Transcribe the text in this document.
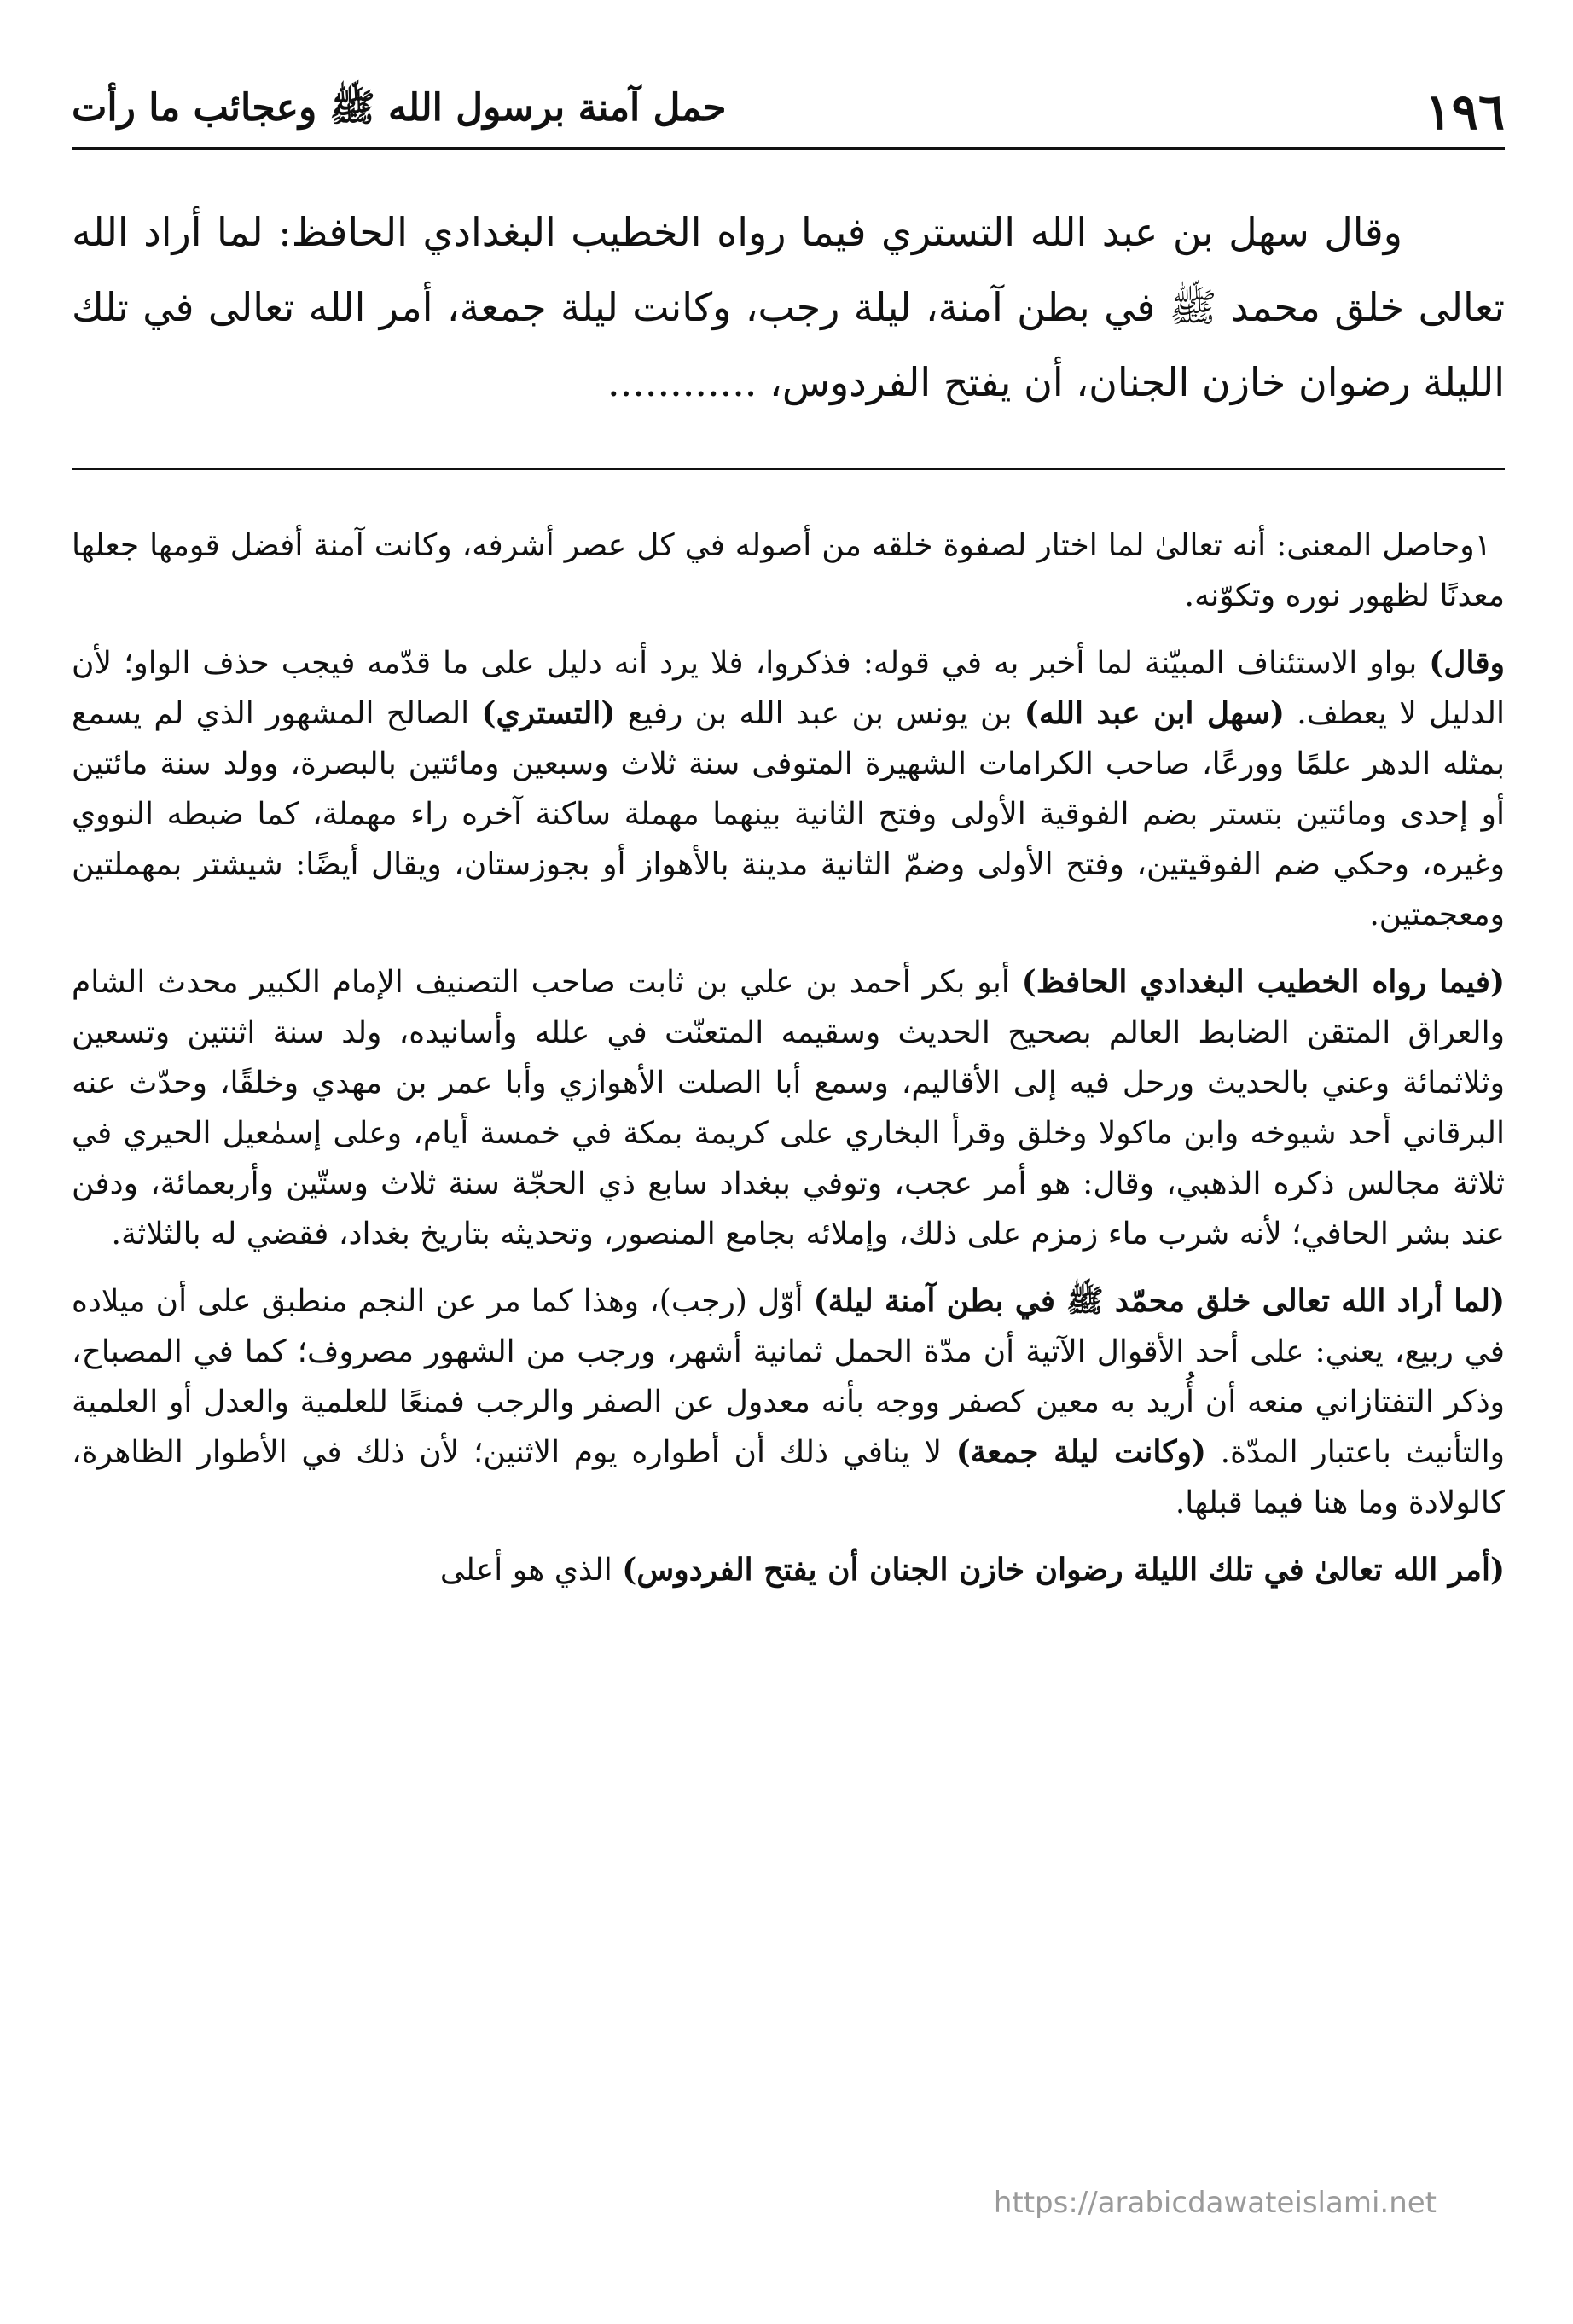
١٩٦
حمل آمنة برسول الله ﷺ وعجائب ما رأت

وقال سهل بن عبد الله التستري فيما رواه الخطيب البغدادي الحافظ: لما أراد الله تعالى خلق محمد ﷺ في بطن آمنة، ليلة رجب، وكانت ليلة جمعة، أمر الله تعالى في تلك الليلة رضوان خازن الجنان، أن يفتح الفردوس، ............

١وحاصل المعنى: أنه تعالىٰ لما اختار لصفوة خلقه من أصوله في كل عصر أشرفه، وكانت آمنة أفضل قومها جعلها معدنًا لظهور نوره وتكوّنه.

وقال) بواو الاستئناف المبيّنة لما أخبر به في قوله: فذكروا، فلا يرد أنه دليل على ما قدّمه فيجب حذف الواو؛ لأن الدليل لا يعطف. (سهل ابن عبد الله) بن يونس بن عبد الله بن رفيع (التستري) الصالح المشهور الذي لم يسمع بمثله الدهر علمًا وورعًا، صاحب الكرامات الشهيرة المتوفى سنة ثلاث وسبعين ومائتين بالبصرة، وولد سنة مائتين أو إحدى ومائتين بتستر بضم الفوقية الأولى وفتح الثانية بينهما مهملة ساكنة آخره راء مهملة، كما ضبطه النووي وغيره، وحكي ضم الفوقيتين، وفتح الأولى وضمّ الثانية مدينة بالأهواز أو بجوزستان، ويقال أيضًا: شيشتر بمهملتين ومعجمتين.

(فيما رواه الخطيب البغدادي الحافظ) أبو بكر أحمد بن علي بن ثابت صاحب التصنيف الإمام الكبير محدث الشام والعراق المتقن الضابط العالم بصحيح الحديث وسقيمه المتعنّت في علله وأسانيده، ولد سنة اثنتين وتسعين وثلاثمائة وعني بالحديث ورحل فيه إلى الأقاليم، وسمع أبا الصلت الأهوازي وأبا عمر بن مهدي وخلقًا، وحدّث عنه البرقاني أحد شيوخه وابن ماكولا وخلق وقرأ البخاري على كريمة بمكة في خمسة أيام، وعلى إسمٰعيل الحيري في ثلاثة مجالس ذكره الذهبي، وقال: هو أمر عجب، وتوفي ببغداد سابع ذي الحجّة سنة ثلاث وستّين وأربعمائة، ودفن عند بشر الحافي؛ لأنه شرب ماء زمزم على ذلك، وإملائه بجامع المنصور، وتحديثه بتاريخ بغداد، فقضي له بالثلاثة.

(لما أراد الله تعالى خلق محمّد ﷺ في بطن آمنة ليلة) أوّل (رجب)، وهذا كما مر عن النجم منطبق على أن ميلاده في ربيع، يعني: على أحد الأقوال الآتية أن مدّة الحمل ثمانية أشهر، ورجب من الشهور مصروف؛ كما في المصباح، وذكر التفتازاني منعه أن أُريد به معين كصفر ووجه بأنه معدول عن الصفر والرجب فمنعًا للعلمية والعدل أو العلمية والتأنيث باعتبار المدّة. (وكانت ليلة جمعة) لا ينافي ذلك أن أطواره يوم الاثنين؛ لأن ذلك في الأطوار الظاهرة، كالولادة وما هنا فيما قبلها.

(أمر الله تعالىٰ في تلك الليلة رضوان خازن الجنان أن يفتح الفردوس) الذي هو أعلى

https://arabicdawateislami.net
